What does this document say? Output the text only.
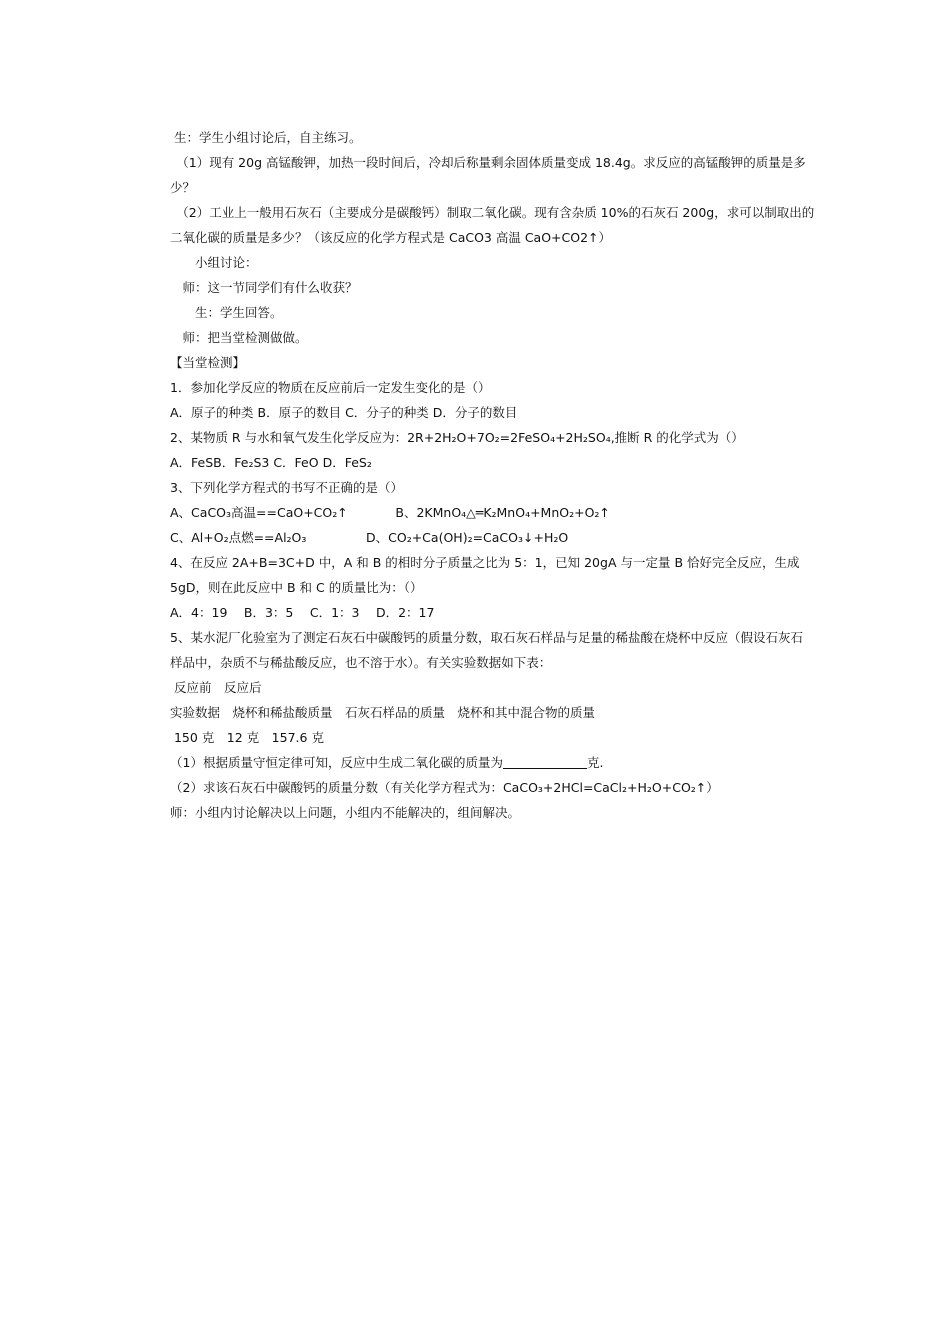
生：学生小组讨论后，自主练习。
　（1）现有 20g 高锰酸钾，加热一段时间后，冷却后称量剩余固体质量变成 18.4g。求反应的高锰酸钾的质量是多
少？
　（2）工业上一般用石灰石（主要成分是碳酸钙）制取二氧化碳。现有含杂质 10%的石灰石 200g，求可以制取出的
二氧化碳的质量是多少？（该反应的化学方程式是 CaCO3 高温 CaO+CO2↑）
　　小组讨论：
　师：这一节同学们有什么收获？
　　生：学生回答。
　师：把当堂检测做做。
【当堂检测】
1．参加化学反应的物质在反应前后一定发生变化的是（）
A．原子的种类 B．原子的数目 C．分子的种类 D．分子的数目
2、某物质 R 与水和氧气发生化学反应为：2R+2H₂O+7O₂=2FeSO₄+2H₂SO₄,推断 R 的化学式为（）
A．FeSB．Fe₂S3 C．FeO D．FeS₂
3、下列化学方程式的书写不正确的是（）
A、CaCO₃高温==CaO+CO₂↑            B、2KMnO₄△═K₂MnO₄+MnO₂+O₂↑
C、Al+O₂点燃==Al₂O₃               D、CO₂+Ca(OH)₂=CaCO₃↓+H₂O
4、在反应 2A+B=3C+D 中，A 和 B 的相时分子质量之比为 5：1，已知 20gA 与一定量 B 恰好完全反应，生成
5gD，则在此反应中 B 和 C 的质量比为：（）
A．4：19　 B．3：5　 C．1：3　 D．2：17
5、某水泥厂化验室为了测定石灰石中碳酸钙的质量分数，取石灰石样品与足量的稀盐酸在烧杯中反应（假设石灰石
样品中，杂质不与稀盐酸反应，也不溶于水）。有关实验数据如下表：
反应前　反应后
实验数据　烧杯和稀盐酸质量　石灰石样品的质量　烧杯和其中混合物的质量
150 克　12 克　157.6 克
（1）根据质量守恒定律可知，反应中生成二氧化碳的质量为	克.
（2）求该石灰石中碳酸钙的质量分数（有关化学方程式为：CaCO₃+2HCl=CaCl₂+H₂O+CO₂↑）
师：小组内讨论解决以上问题，小组内不能解决的，组间解决。
